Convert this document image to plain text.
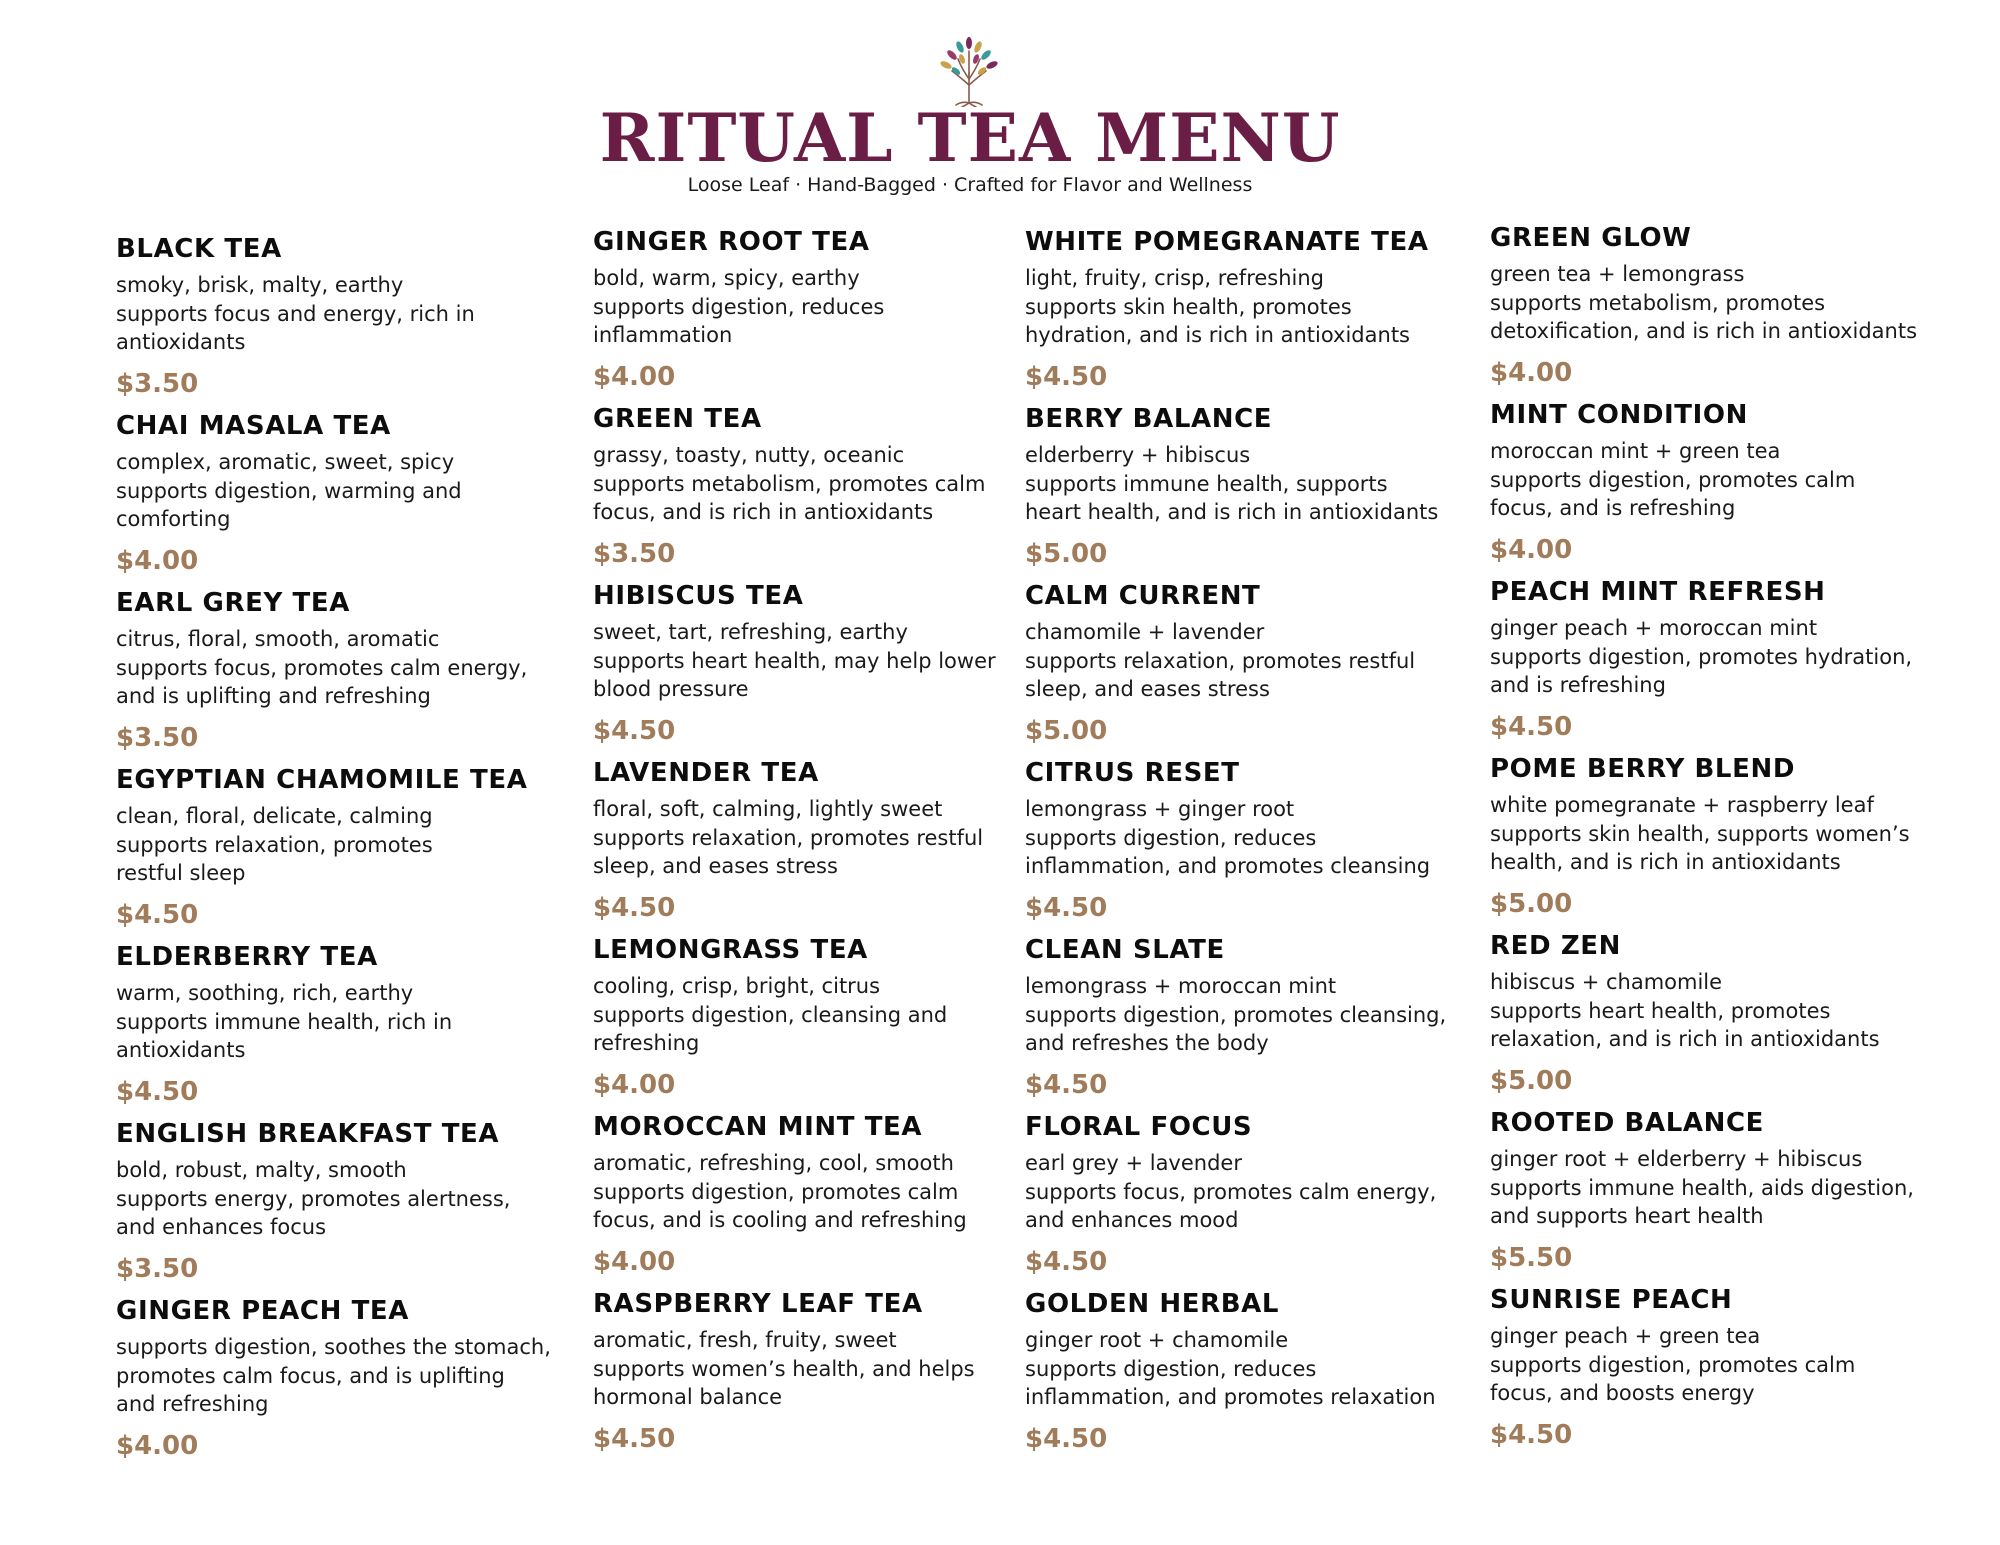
RITUAL TEA MENU
Loose Leaf · Hand-Bagged · Crafted for Flavor and Wellness
BLACK TEA
smoky, brisk, malty, earthy
supports focus and energy, rich in
antioxidants
$3.50
CHAI MASALA TEA
complex, aromatic, sweet, spicy
supports digestion, warming and
comforting
$4.00
EARL GREY TEA
citrus, floral, smooth, aromatic
supports focus, promotes calm energy,
and is uplifting and refreshing
$3.50
EGYPTIAN CHAMOMILE TEA
clean, floral, delicate, calming
supports relaxation, promotes
restful sleep
$4.50
ELDERBERRY TEA
warm, soothing, rich, earthy
supports immune health, rich in
antioxidants
$4.50
ENGLISH BREAKFAST TEA
bold, robust, malty, smooth
supports energy, promotes alertness,
and enhances focus
$3.50
GINGER PEACH TEA
supports digestion, soothes the stomach,
promotes calm focus, and is uplifting
and refreshing
$4.00
GINGER ROOT TEA
bold, warm, spicy, earthy
supports digestion, reduces
inflammation
$4.00
GREEN TEA
grassy, toasty, nutty, oceanic
supports metabolism, promotes calm
focus, and is rich in antioxidants
$3.50
HIBISCUS TEA
sweet, tart, refreshing, earthy
supports heart health, may help lower
blood pressure
$4.50
LAVENDER TEA
floral, soft, calming, lightly sweet
supports relaxation, promotes restful
sleep, and eases stress
$4.50
LEMONGRASS TEA
cooling, crisp, bright, citrus
supports digestion, cleansing and
refreshing
$4.00
MOROCCAN MINT TEA
aromatic, refreshing, cool, smooth
supports digestion, promotes calm
focus, and is cooling and refreshing
$4.00
RASPBERRY LEAF TEA
aromatic, fresh, fruity, sweet
supports women’s health, and helps
hormonal balance
$4.50
WHITE POMEGRANATE TEA
light, fruity, crisp, refreshing
supports skin health, promotes
hydration, and is rich in antioxidants
$4.50
BERRY BALANCE
elderberry + hibiscus
supports immune health, supports
heart health, and is rich in antioxidants
$5.00
CALM CURRENT
chamomile + lavender
supports relaxation, promotes restful
sleep, and eases stress
$5.00
CITRUS RESET
lemongrass + ginger root
supports digestion, reduces
inflammation, and promotes cleansing
$4.50
CLEAN SLATE
lemongrass + moroccan mint
supports digestion, promotes cleansing,
and refreshes the body
$4.50
FLORAL FOCUS
earl grey + lavender
supports focus, promotes calm energy,
and enhances mood
$4.50
GOLDEN HERBAL
ginger root + chamomile
supports digestion, reduces
inflammation, and promotes relaxation
$4.50
GREEN GLOW
green tea + lemongrass
supports metabolism, promotes
detoxification, and is rich in antioxidants
$4.00
MINT CONDITION
moroccan mint + green tea
supports digestion, promotes calm
focus, and is refreshing
$4.00
PEACH MINT REFRESH
ginger peach + moroccan mint
supports digestion, promotes hydration,
and is refreshing
$4.50
POME BERRY BLEND
white pomegranate + raspberry leaf
supports skin health, supports women’s
health, and is rich in antioxidants
$5.00
RED ZEN
hibiscus + chamomile
supports heart health, promotes
relaxation, and is rich in antioxidants
$5.00
ROOTED BALANCE
ginger root + elderberry + hibiscus
supports immune health, aids digestion,
and supports heart health
$5.50
SUNRISE PEACH
ginger peach + green tea
supports digestion, promotes calm
focus, and boosts energy
$4.50
